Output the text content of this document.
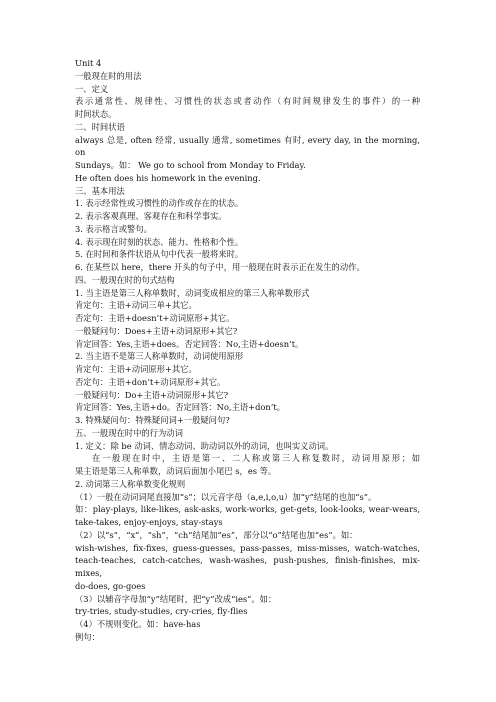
Unit 4
一般现在时的用法
一、定义
表示通常性、规律性、习惯性的状态或者动作（有时间规律发生的事件）的一种
时间状态。
二、时间状语
always 总是, often 经常, usually 通常, sometimes 有时, every day, in the morning, on
Sundays。如： We go to school from Monday to Friday.
He often does his homework in the evening.
三、基本用法
1. 表示经常性或习惯性的动作或存在的状态。
2. 表示客观真理、客观存在和科学事实。
3. 表示格言或警句。
4. 表示现在时刻的状态、能力、性格和个性。
5. 在时间和条件状语从句中代表一般将来时。
6. 在某些以 here，there 开头的句子中，用一般现在时表示正在发生的动作。
四、一般现在时的句式结构
1. 当主语是第三人称单数时，动词变成相应的第三人称单数形式
肯定句：主语+动词三单+其它。
否定句：主语+doesn’t+动词原形+其它。
一般疑问句：Does+主语+动词原形+其它?
肯定回答：Yes,主语+does。否定回答：No,主语+doesn’t。
2. 当主语不是第三人称单数时，动词使用原形
肯定句：主语+动词原形+其它。
否定句：主语+don’t+动词原形+其它。
一般疑问句：Do+主语+动词原形+其它?
肯定回答：Yes,主语+do。否定回答：No,主语+don’t。
3. 特殊疑问句：特殊疑问词+一般疑问句?
五、一般现在时中的行为动词
1. 定义：除 be 动词、情态动词、助动词以外的动词，也叫实义动词。
在一般现在时中，主语是第一、二人称或第三人称复数时，动词用原形；如
果主语是第三人称单数，动词后面加小尾巴 s，es 等。
2. 动词第三人称单数变化规则
（1）一般在动词词尾直接加“s”；以元音字母（a,e,i,o,u）加“y”结尾的也加“s”。
如：play-plays, like-likes, ask-asks, work-works, get-gets, look-looks, wear-wears,
take-takes, enjoy-enjoys, stay-stays
（2）以“s”，“x”，“sh”，“ch”结尾加“es”，部分以“o”结尾也加“es”。如：
wish-wishes, fix-fixes, guess-guesses, pass-passes, miss-misses, watch-watches,
teach-teaches, catch-catches, wash-washes, push-pushes, finish-finishes, mix-mixes,
do-does, go-goes
（3）以辅音字母加“y”结尾时，把“y”改成“ies”。如：
try-tries, study-studies, cry-cries, fly-flies
（4）不规则变化。如：have-has
例句：
